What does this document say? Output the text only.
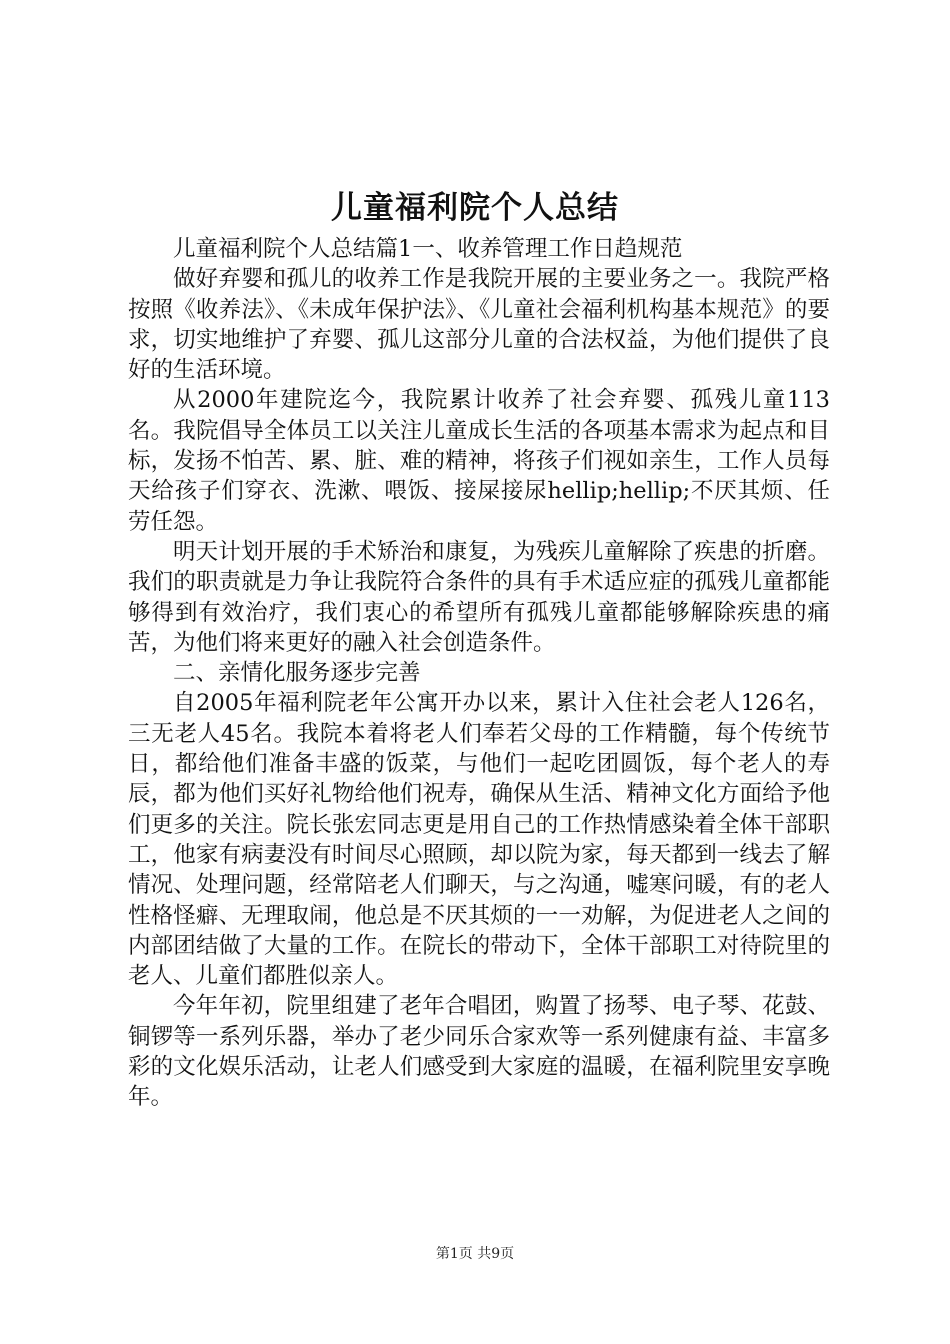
儿童福利院个人总结

儿童福利院个人总结篇1一、收养管理工作日趋规范

做好弃婴和孤儿的收养工作是我院开展的主要业务之一。我院严格按照《收养法》、《未成年保护法》、《儿童社会福利机构基本规范》的要求，切实地维护了弃婴、孤儿这部分儿童的合法权益，为他们提供了良好的生活环境。

从2000年建院迄今，我院累计收养了社会弃婴、孤残儿童113名。我院倡导全体员工以关注儿童成长生活的各项基本需求为起点和目标，发扬不怕苦、累、脏、难的精神，将孩子们视如亲生，工作人员每天给孩子们穿衣、洗漱、喂饭、接屎接尿hellip;hellip;不厌其烦、任劳任怨。

明天计划开展的手术矫治和康复，为残疾儿童解除了疾患的折磨。我们的职责就是力争让我院符合条件的具有手术适应症的孤残儿童都能够得到有效治疗，我们衷心的希望所有孤残儿童都能够解除疾患的痛苦，为他们将来更好的融入社会创造条件。

二、亲情化服务逐步完善

自2005年福利院老年公寓开办以来，累计入住社会老人126名，三无老人45名。我院本着将老人们奉若父母的工作精髓，每个传统节日，都给他们准备丰盛的饭菜，与他们一起吃团圆饭，每个老人的寿辰，都为他们买好礼物给他们祝寿，确保从生活、精神文化方面给予他们更多的关注。院长张宏同志更是用自己的工作热情感染着全体干部职工，他家有病妻没有时间尽心照顾，却以院为家，每天都到一线去了解情况、处理问题，经常陪老人们聊天，与之沟通，嘘寒问暖，有的老人性格怪癖、无理取闹，他总是不厌其烦的一一劝解，为促进老人之间的内部团结做了大量的工作。在院长的带动下，全体干部职工对待院里的老人、儿童们都胜似亲人。

今年年初，院里组建了老年合唱团，购置了扬琴、电子琴、花鼓、铜锣等一系列乐器，举办了老少同乐合家欢等一系列健康有益、丰富多彩的文化娱乐活动，让老人们感受到大家庭的温暖，在福利院里安享晚年。

第1页 共9页
